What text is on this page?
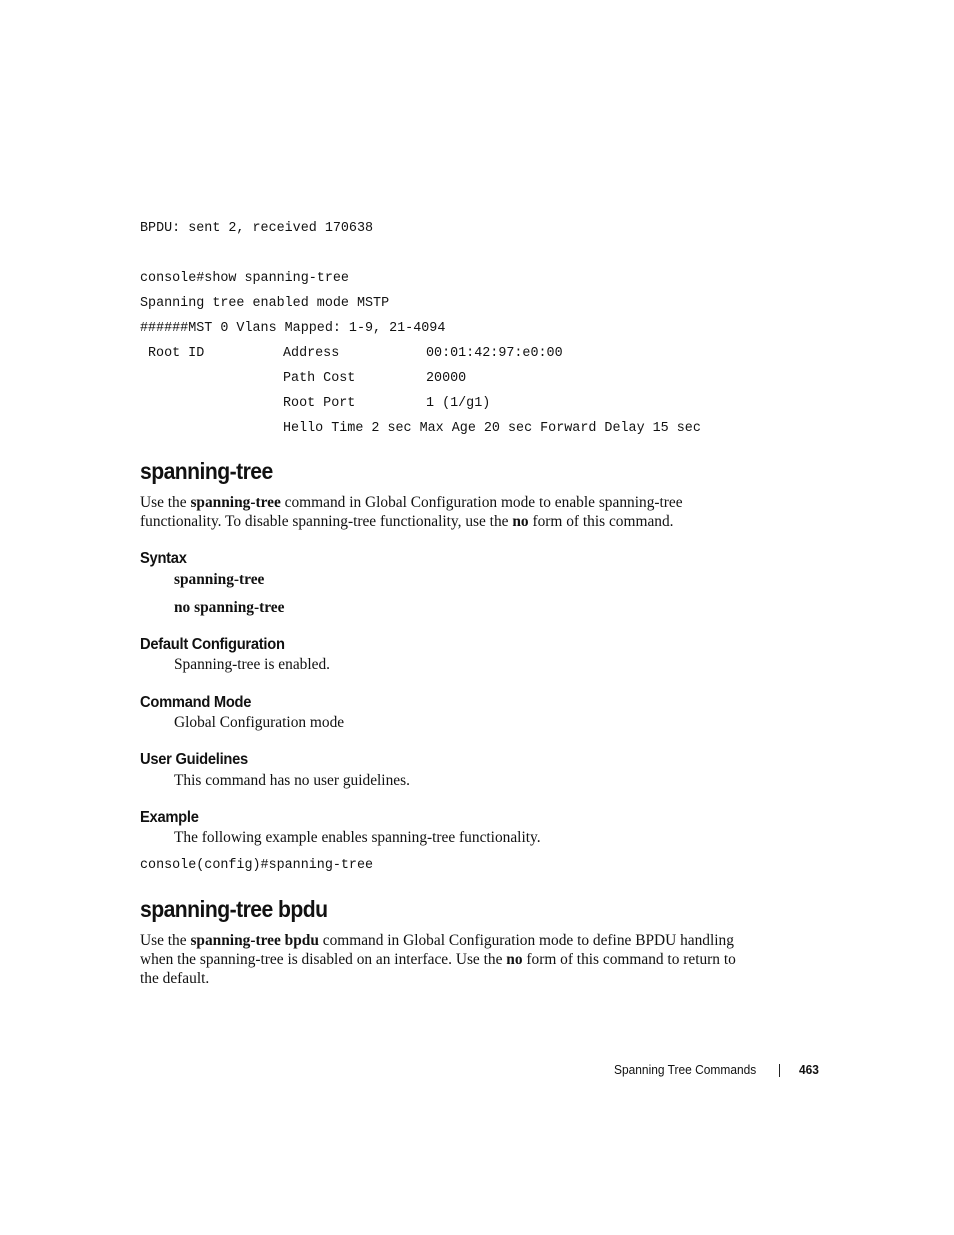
BPDU: sent 2, received 170638
console#show spanning-tree
Spanning tree enabled mode MSTP
######MST 0 Vlans Mapped: 1-9, 21-4094
Root ID	Address	00:01:42:97:e0:00
Path Cost	20000
Root Port	1 (1/g1)
Hello Time 2 sec Max Age 20 sec Forward Delay 15 sec
spanning-tree

Use the spanning-tree command in Global Configuration mode to enable spanning-tree
functionality. To disable spanning-tree functionality, use the no form of this command.

Syntax

spanning-tree

no spanning-tree

Default Configuration

Spanning-tree is enabled.

Command Mode

Global Configuration mode

User Guidelines

This command has no user guidelines.

Example

The following example enables spanning-tree functionality.

console(config)#spanning-tree
spanning-tree bpdu

Use the spanning-tree bpdu command in Global Configuration mode to define BPDU handling
when the spanning-tree is disabled on an interface. Use the no form of this command to return to
the default.

Spanning Tree Commands	463
